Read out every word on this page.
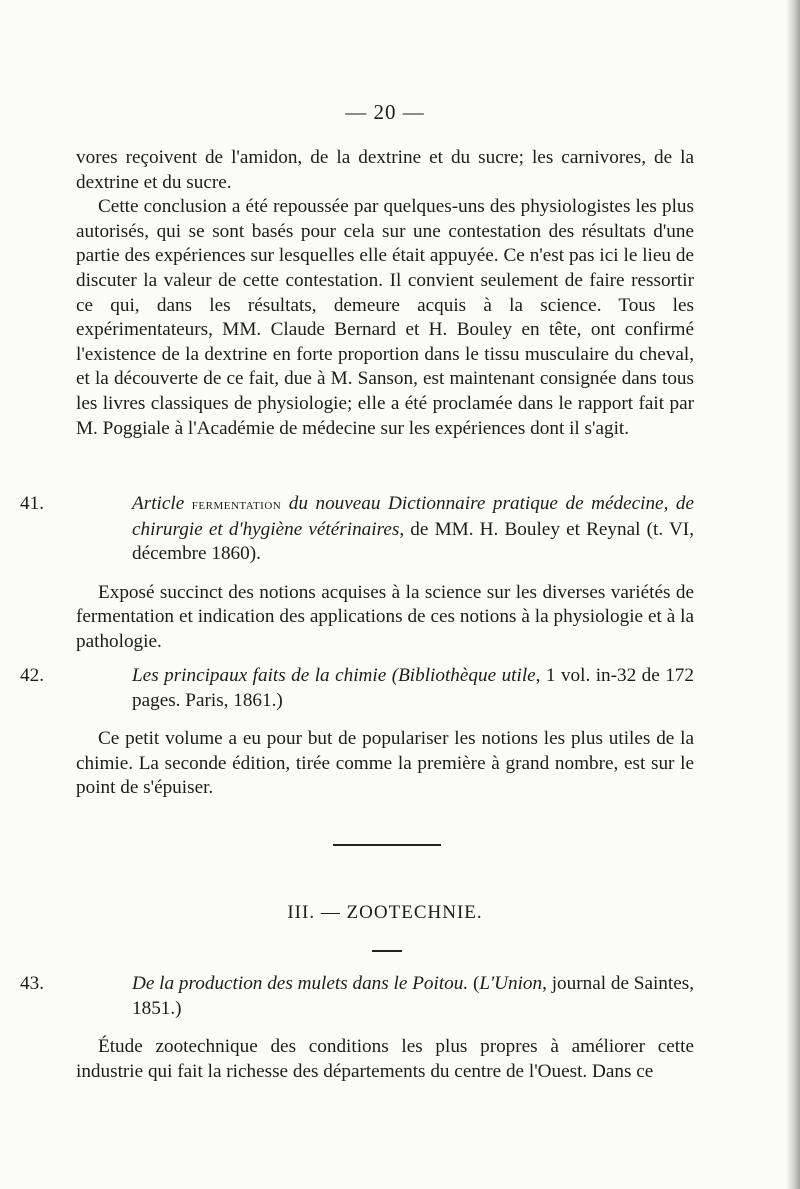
— 20 —

vores reçoivent de l'amidon, de la dextrine et du sucre; les carnivores, de la dextrine et du sucre.

Cette conclusion a été repoussée par quelques-uns des physiologistes les plus autorisés, qui se sont basés pour cela sur une contestation des résultats d'une partie des expériences sur lesquelles elle était appuyée. Ce n'est pas ici le lieu de discuter la valeur de cette contestation. Il convient seulement de faire ressortir ce qui, dans les résultats, demeure acquis à la science. Tous les expérimentateurs, MM. Claude Bernard et H. Bouley en tête, ont confirmé l'existence de la dextrine en forte proportion dans le tissu musculaire du cheval, et la découverte de ce fait, due à M. Sanson, est maintenant consignée dans tous les livres classiques de physiologie; elle a été proclamée dans le rapport fait par M. Poggiale à l'Académie de médecine sur les expériences dont il s'agit.

41.	Article fermentation du nouveau Dictionnaire pratique de médecine, de chirurgie et d'hygiène vétérinaires, de MM. H. Bouley et Reynal (t. VI, décembre 1860).

Exposé succinct des notions acquises à la science sur les diverses variétés de fermentation et indication des applications de ces notions à la physiologie et à la pathologie.

42.	Les principaux faits de la chimie (Bibliothèque utile, 1 vol. in-32 de 172 pages. Paris, 1861.)

Ce petit volume a eu pour but de populariser les notions les plus utiles de la chimie. La seconde édition, tirée comme la première à grand nombre, est sur le point de s'épuiser.

III. — ZOOTECHNIE.

43.	De la production des mulets dans le Poitou. (L'Union, journal de Saintes, 1851.)

Étude zootechnique des conditions les plus propres à améliorer cette industrie qui fait la richesse des départements du centre de l'Ouest. Dans ce
